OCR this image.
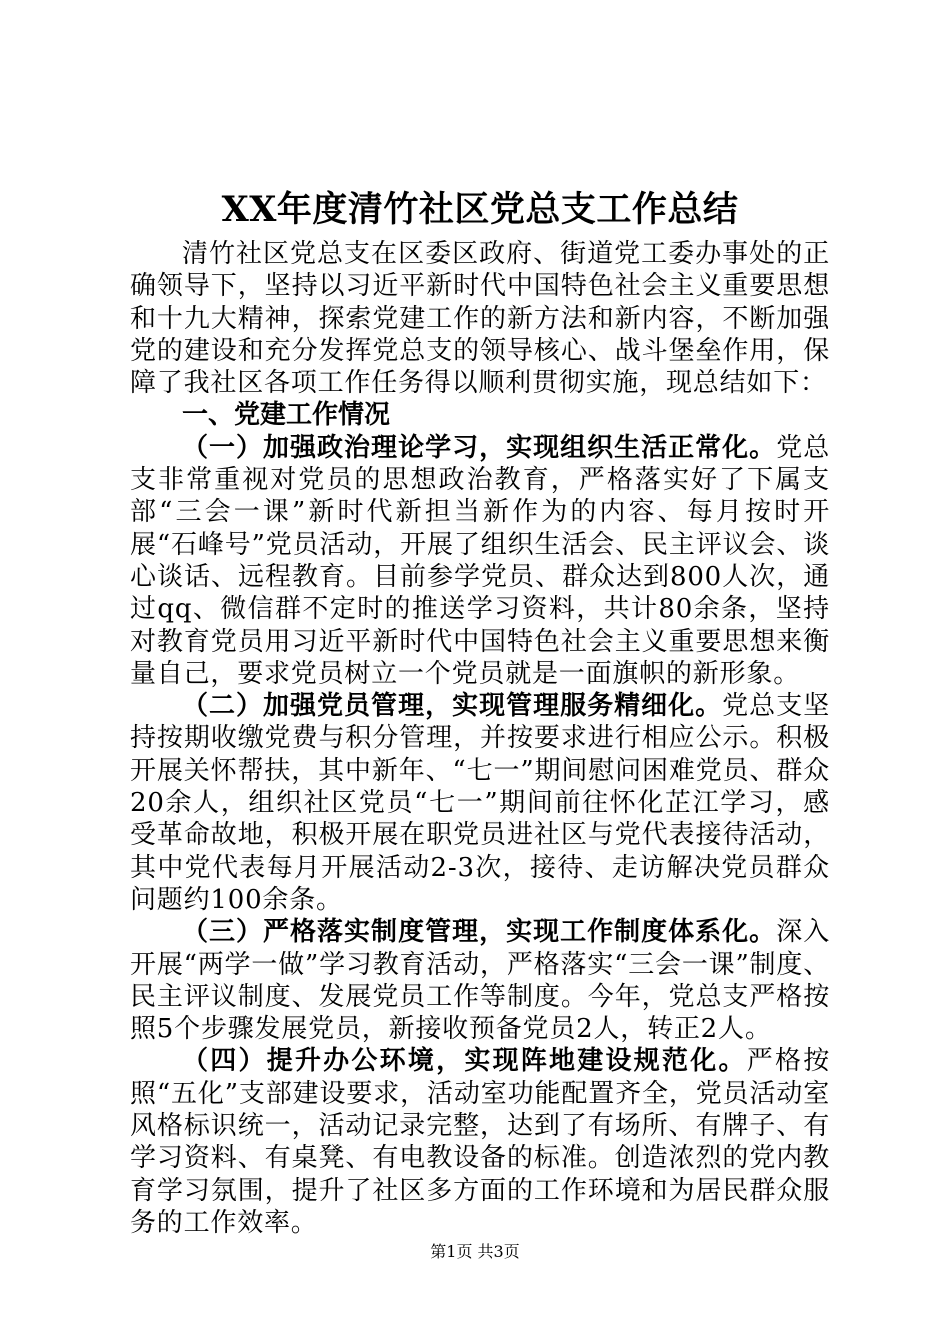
XX年度清竹社区党总支工作总结

清竹社区党总支在区委区政府、街道党工委办事处的正确领导下，坚持以习近平新时代中国特色社会主义重要思想和十九大精神，探索党建工作的新方法和新内容，不断加强党的建设和充分发挥党总支的领导核心、战斗堡垒作用，保障了我社区各项工作任务得以顺利贯彻实施，现总结如下：

一、党建工作情况

（一）加强政治理论学习，实现组织生活正常化。党总支非常重视对党员的思想政治教育，严格落实好了下属支部“三会一课”新时代新担当新作为的内容、每月按时开展“石峰号”党员活动，开展了组织生活会、民主评议会、谈心谈话、远程教育。目前参学党员、群众达到800人次，通过qq、微信群不定时的推送学习资料，共计80余条，坚持对教育党员用习近平新时代中国特色社会主义重要思想来衡量自己，要求党员树立一个党员就是一面旗帜的新形象。

（二）加强党员管理，实现管理服务精细化。党总支坚持按期收缴党费与积分管理，并按要求进行相应公示。积极开展关怀帮扶，其中新年、“七一”期间慰问困难党员、群众20余人，组织社区党员“七一”期间前往怀化芷江学习，感受革命故地，积极开展在职党员进社区与党代表接待活动，其中党代表每月开展活动2-3次，接待、走访解决党员群众问题约100余条。

（三）严格落实制度管理，实现工作制度体系化。深入开展“两学一做”学习教育活动，严格落实“三会一课”制度、民主评议制度、发展党员工作等制度。今年，党总支严格按照5个步骤发展党员，新接收预备党员2人，转正2人。

（四）提升办公环境，实现阵地建设规范化。严格按照“五化”支部建设要求，活动室功能配置齐全，党员活动室风格标识统一，活动记录完整，达到了有场所、有牌子、有学习资料、有桌凳、有电教设备的标准。创造浓烈的党内教育学习氛围，提升了社区多方面的工作环境和为居民群众服务的工作效率。

第1页 共3页
